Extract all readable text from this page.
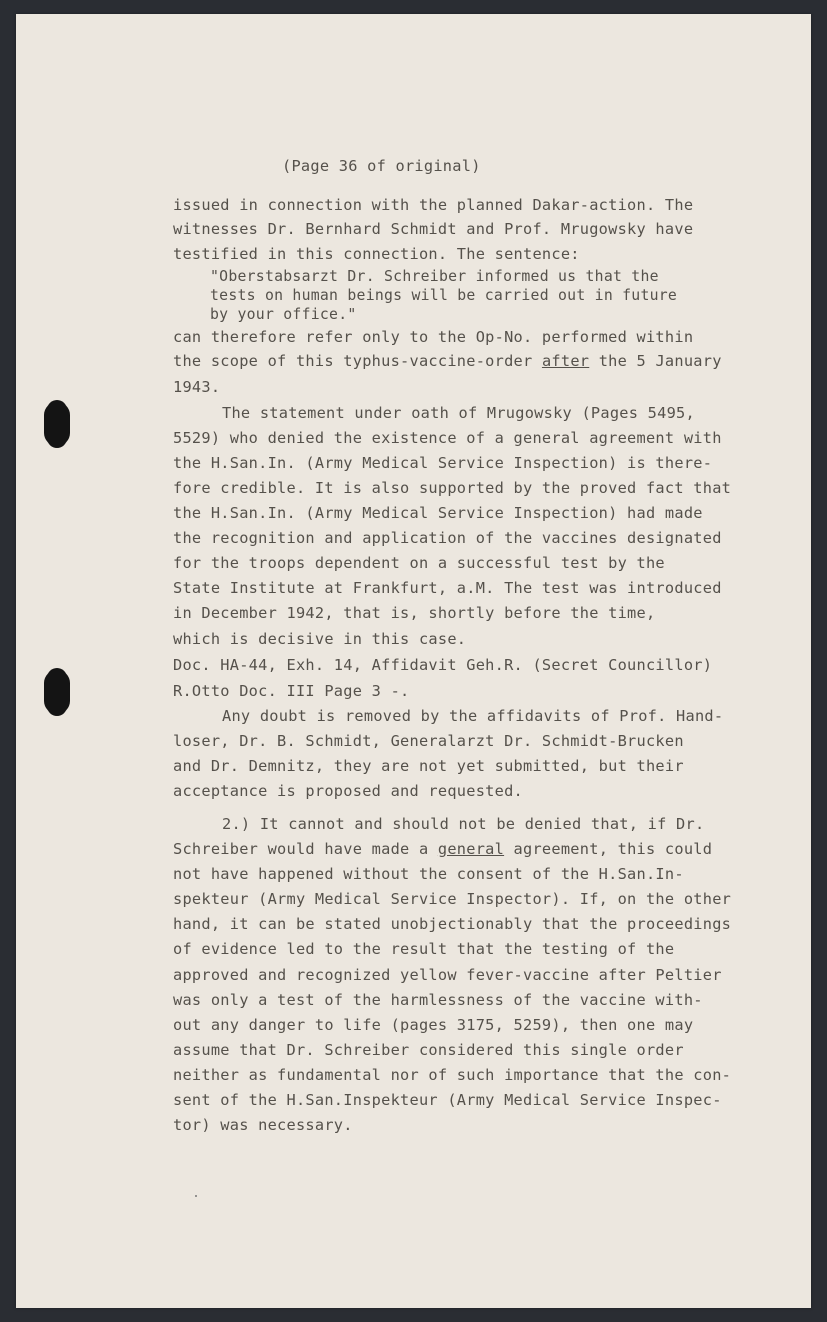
(Page 36 of original)

issued in connection with the planned Dakar-action. The

witnesses Dr. Bernhard Schmidt and Prof. Mrugowsky have

testified in this connection. The sentence:

"Oberstabsarzt Dr. Schreiber informed us that the

tests on human beings will be carried out in future

by your office."

can therefore refer only to the Op-No. performed within

the scope of this typhus-vaccine-order after the 5 January

1943.

The statement under oath of Mrugowsky (Pages 5495,

5529) who denied the existence of a general agreement with

the H.San.In. (Army Medical Service Inspection) is there-

fore credible. It is also supported by the proved fact that

the H.San.In. (Army Medical Service Inspection) had made

the recognition and application of the vaccines designated

for the troops dependent on a successful test by the

State Institute at Frankfurt, a.M. The test was introduced

in December 1942, that is, shortly before the time,

which is decisive in this case.

Doc. HA-44, Exh. 14, Affidavit Geh.R. (Secret Councillor)

R.Otto Doc. III Page 3 -.

Any doubt is removed by the affidavits of Prof. Hand-

loser, Dr. B. Schmidt, Generalarzt Dr. Schmidt-Brucken

and Dr. Demnitz, they are not yet submitted, but their

acceptance is proposed and requested.

2.) It cannot and should not be denied that, if Dr.

Schreiber would have made a general agreement, this could

not have happened without the consent of the H.San.In-

spekteur (Army Medical Service Inspector). If, on the other

hand, it can be stated unobjectionably that the proceedings

of evidence led to the result that the testing of the

approved and recognized yellow fever-vaccine after Peltier

was only a test of the harmlessness of the vaccine with-

out any danger to life (pages 3175, 5259), then one may

assume that Dr. Schreiber considered this single order

neither as fundamental nor of such importance that the con-

sent of the H.San.Inspekteur (Army Medical Service Inspec-

tor) was necessary.
